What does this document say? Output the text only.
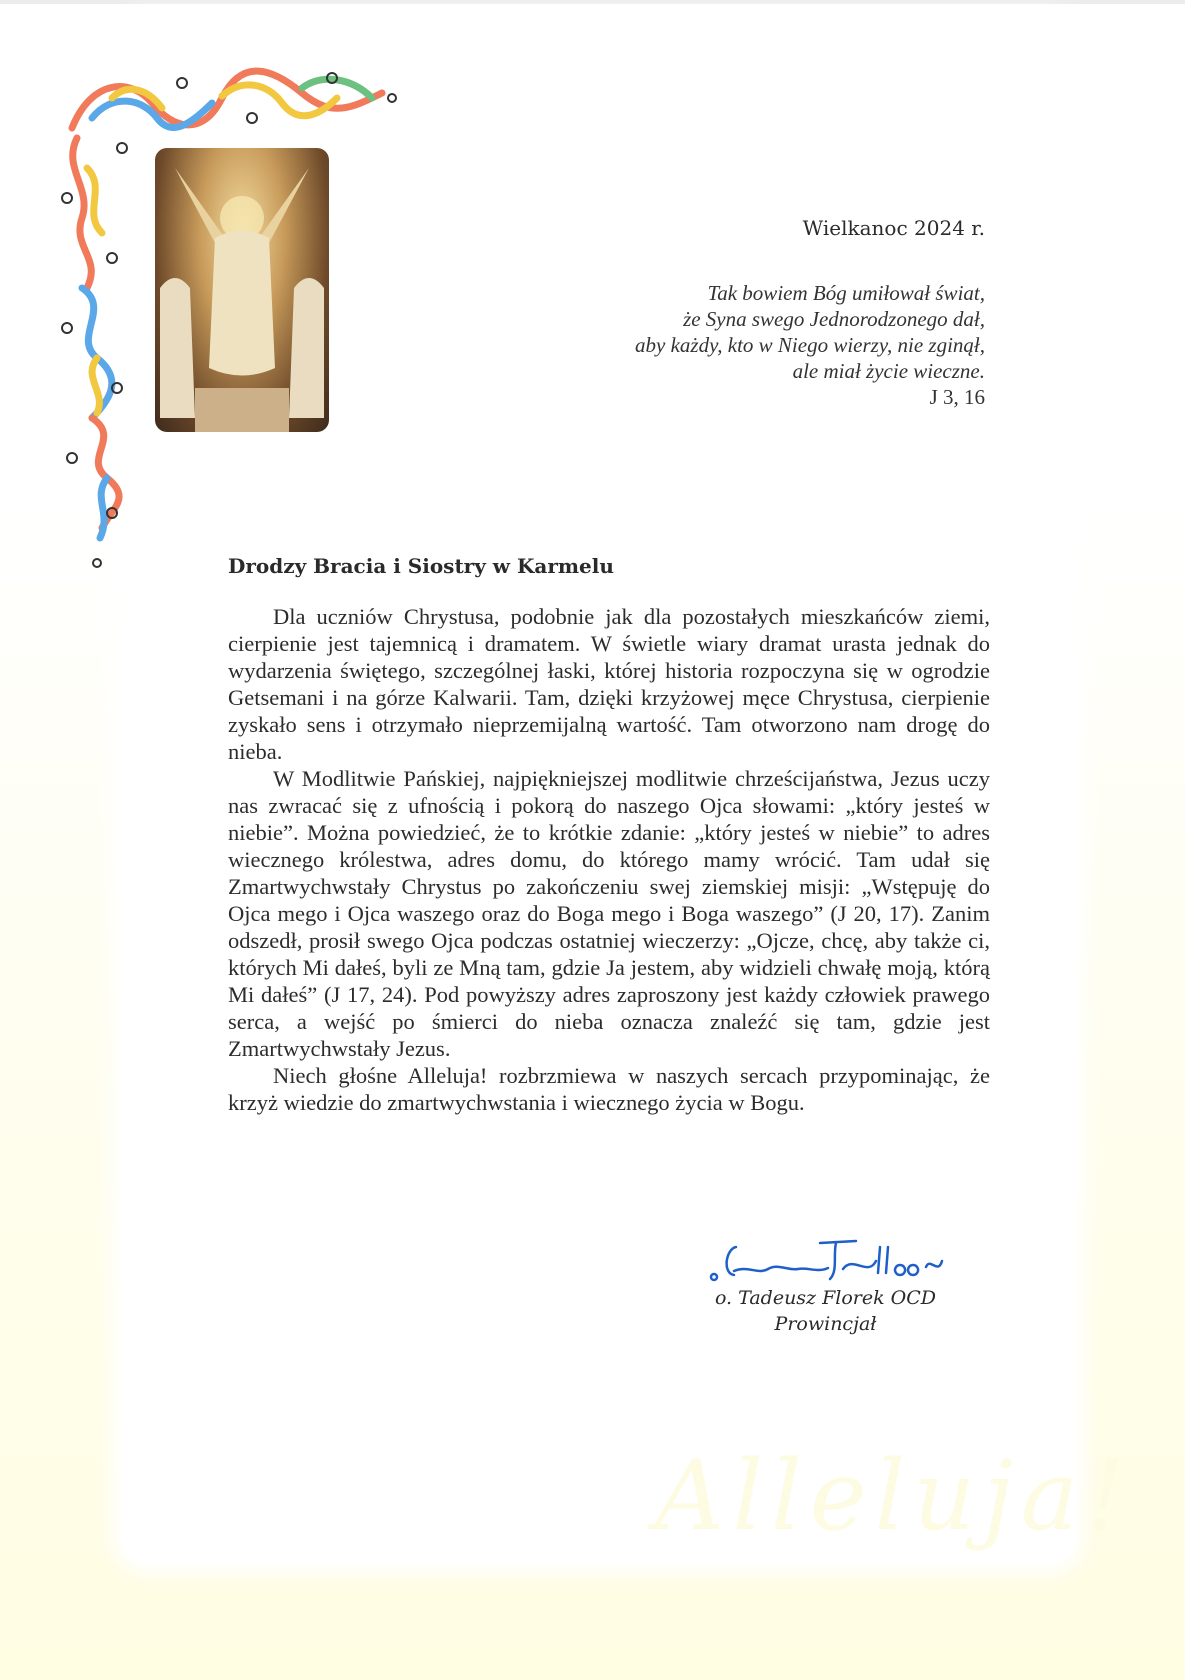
Wielkanoc 2024 r.
Tak bowiem Bóg umiłował świat,
że Syna swego Jednorodzonego dał,
aby każdy, kto w Niego wierzy, nie zginął,
ale miał życie wieczne.
J 3, 16
Drodzy Bracia i Siostry w Karmelu

Dla uczniów Chrystusa, podobnie jak dla pozostałych mieszkańców ziemi, cierpienie jest tajemnicą i dramatem. W świetle wiary dramat urasta jednak do wydarzenia świętego, szczególnej łaski, której historia rozpoczyna się w ogrodzie Getsemani i na górze Kalwarii. Tam, dzięki krzyżowej męce Chrystusa, cierpienie zyskało sens i otrzymało nieprzemijalną wartość. Tam otworzono nam drogę do nieba.

W Modlitwie Pańskiej, najpiękniejszej modlitwie chrześcijaństwa, Jezus uczy nas zwracać się z ufnością i pokorą do naszego Ojca słowami: „który jesteś w niebie”. Można powiedzieć, że to krótkie zdanie: „który jesteś w niebie” to adres wiecznego królestwa, adres domu, do którego mamy wrócić. Tam udał się Zmartwychwstały Chrystus po zakończeniu swej ziemskiej misji: „Wstępuję do Ojca mego i Ojca waszego oraz do Boga mego i Boga waszego” (J 20, 17). Zanim odszedł, prosił swego Ojca podczas ostatniej wieczerzy: „Ojcze, chcę, aby także ci, których Mi dałeś, byli ze Mną tam, gdzie Ja jestem, aby widzieli chwałę moją, którą Mi dałeś” (J 17, 24). Pod powyższy adres zaproszony jest każdy człowiek prawego serca, a wejść po śmierci do nieba oznacza znaleźć się tam, gdzie jest Zmartwychwstały Jezus.

Niech głośne Alleluja! rozbrzmiewa w naszych sercach przypominając, że krzyż wiedzie do zmartwychwstania i wiecznego życia w Bogu.

o. Tadeusz Florek OCD
Prowincjał
Alleluja!
